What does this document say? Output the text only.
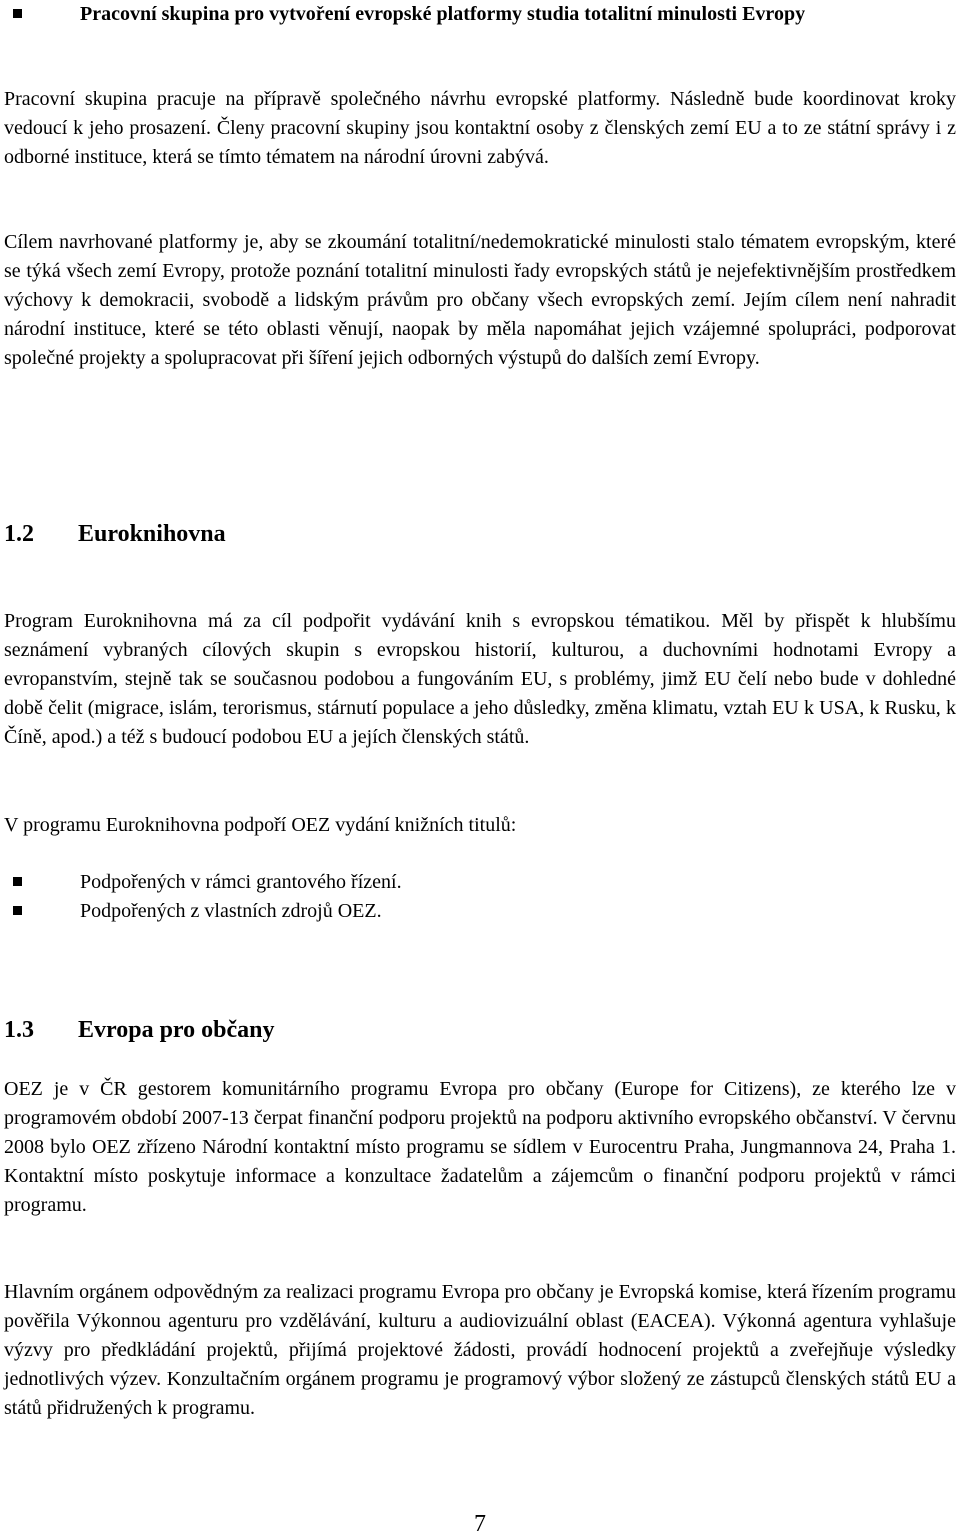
Pracovní skupina pro vytvoření evropské platformy studia totalitní minulosti Evropy

Pracovní skupina pracuje na přípravě společného návrhu evropské platformy. Následně bude koordinovat kroky vedoucí k jeho prosazení. Členy pracovní skupiny jsou kontaktní osoby z členských zemí EU a to ze státní správy i z odborné instituce, která se tímto tématem na národní úrovni zabývá.

Cílem navrhované platformy je, aby se zkoumání totalitní/nedemokratické minulosti stalo tématem evropským, které se týká všech zemí Evropy, protože poznání totalitní minulosti řady evropských států je nejefektivnějším prostředkem výchovy k demokracii, svobodě a lidským právům pro občany všech evropských zemí. Jejím cílem není nahradit národní instituce, které se této oblasti věnují, naopak by měla napomáhat jejich vzájemné spolupráci, podporovat společné projekty a spolupracovat při šíření jejich odborných výstupů do dalších zemí Evropy.

1.2	Euroknihovna

Program Euroknihovna má za cíl podpořit vydávání knih s evropskou tématikou. Měl by přispět k hlubšímu seznámení vybraných cílových skupin s evropskou historií, kulturou, a duchovními hodnotami Evropy a evropanstvím, stejně tak se současnou podobou a fungováním EU, s problémy, jimž EU čelí nebo bude v dohledné době čelit (migrace, islám, terorismus, stárnutí populace a jeho důsledky, změna klimatu, vztah EU k USA, k Rusku, k Číně, apod.) a též s budoucí podobou EU a jejích členských států.

V programu Euroknihovna podpoří OEZ vydání knižních titulů:

Podpořených v rámci grantového řízení.
Podpořených z vlastních zdrojů OEZ.
1.3	Evropa pro občany

OEZ je v ČR gestorem komunitárního programu Evropa pro občany (Europe for Citizens), ze kterého lze v programovém období 2007-13 čerpat finanční podporu projektů na podporu aktivního evropského občanství. V červnu 2008 bylo OEZ zřízeno Národní kontaktní místo programu se sídlem v Eurocentru Praha, Jungmannova 24, Praha 1. Kontaktní místo poskytuje informace a konzultace žadatelům a zájemcům o finanční podporu projektů v rámci programu.

Hlavním orgánem odpovědným za realizaci programu Evropa pro občany je Evropská komise, která řízením programu pověřila Výkonnou agenturu pro vzdělávání, kulturu a audiovizuální oblast (EACEA). Výkonná agentura vyhlašuje výzvy pro předkládání projektů, přijímá projektové žádosti, provádí hodnocení projektů a zveřejňuje výsledky jednotlivých výzev. Konzultačním orgánem programu je programový výbor složený ze zástupců členských států EU a států přidružených k programu.

7
